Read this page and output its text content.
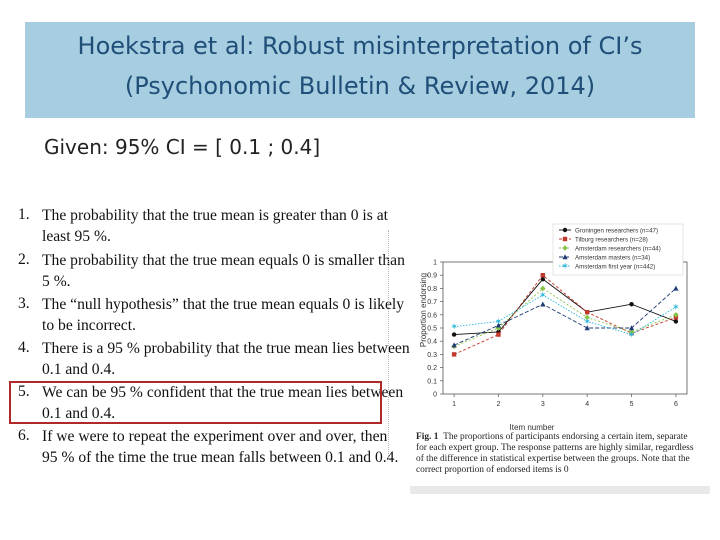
Hoekstra et al: Robust misinterpretation of CI’s
(Psychonomic Bulletin & Review, 2014)
Given: 95% CI = [ 0.1 ; 0.4]
1. The probability that the true mean is greater than 0 is at
least 95 %.
2. The probability that the true mean equals 0 is smaller than
5 %.
3. The “null hypothesis” that the true mean equals 0 is likely
to be incorrect.
4. There is a 95 % probability that the true mean lies between
0.1 and 0.4.
5. We can be 95 % confident that the true mean lies between
0.1 and 0.4.
6. If we were to repeat the experiment over and over, then
95 % of the time the true mean falls between 0.1 and 0.4.
Proportion endorsing
Item number
0
0.1
0.2
0.3
0.4
0.5
0.6
0.7
0.8
0.9
1
1	2	3	4	5	6
✶
✶
✶
✶
✶
✶
Groningen researchers (n=47)
Tilburg researchers (n=28)
Amsterdam researchers (n=44)
Amsterdam masters (n=34)
✶ Amsterdam first year (n=442)
Fig. 1 The proportions of participants endorsing a certain item, separate
for each expert group. The response patterns are highly similar, regardless
of the difference in statistical expertise between the groups. Note that the
correct proportion of endorsed items is 0
